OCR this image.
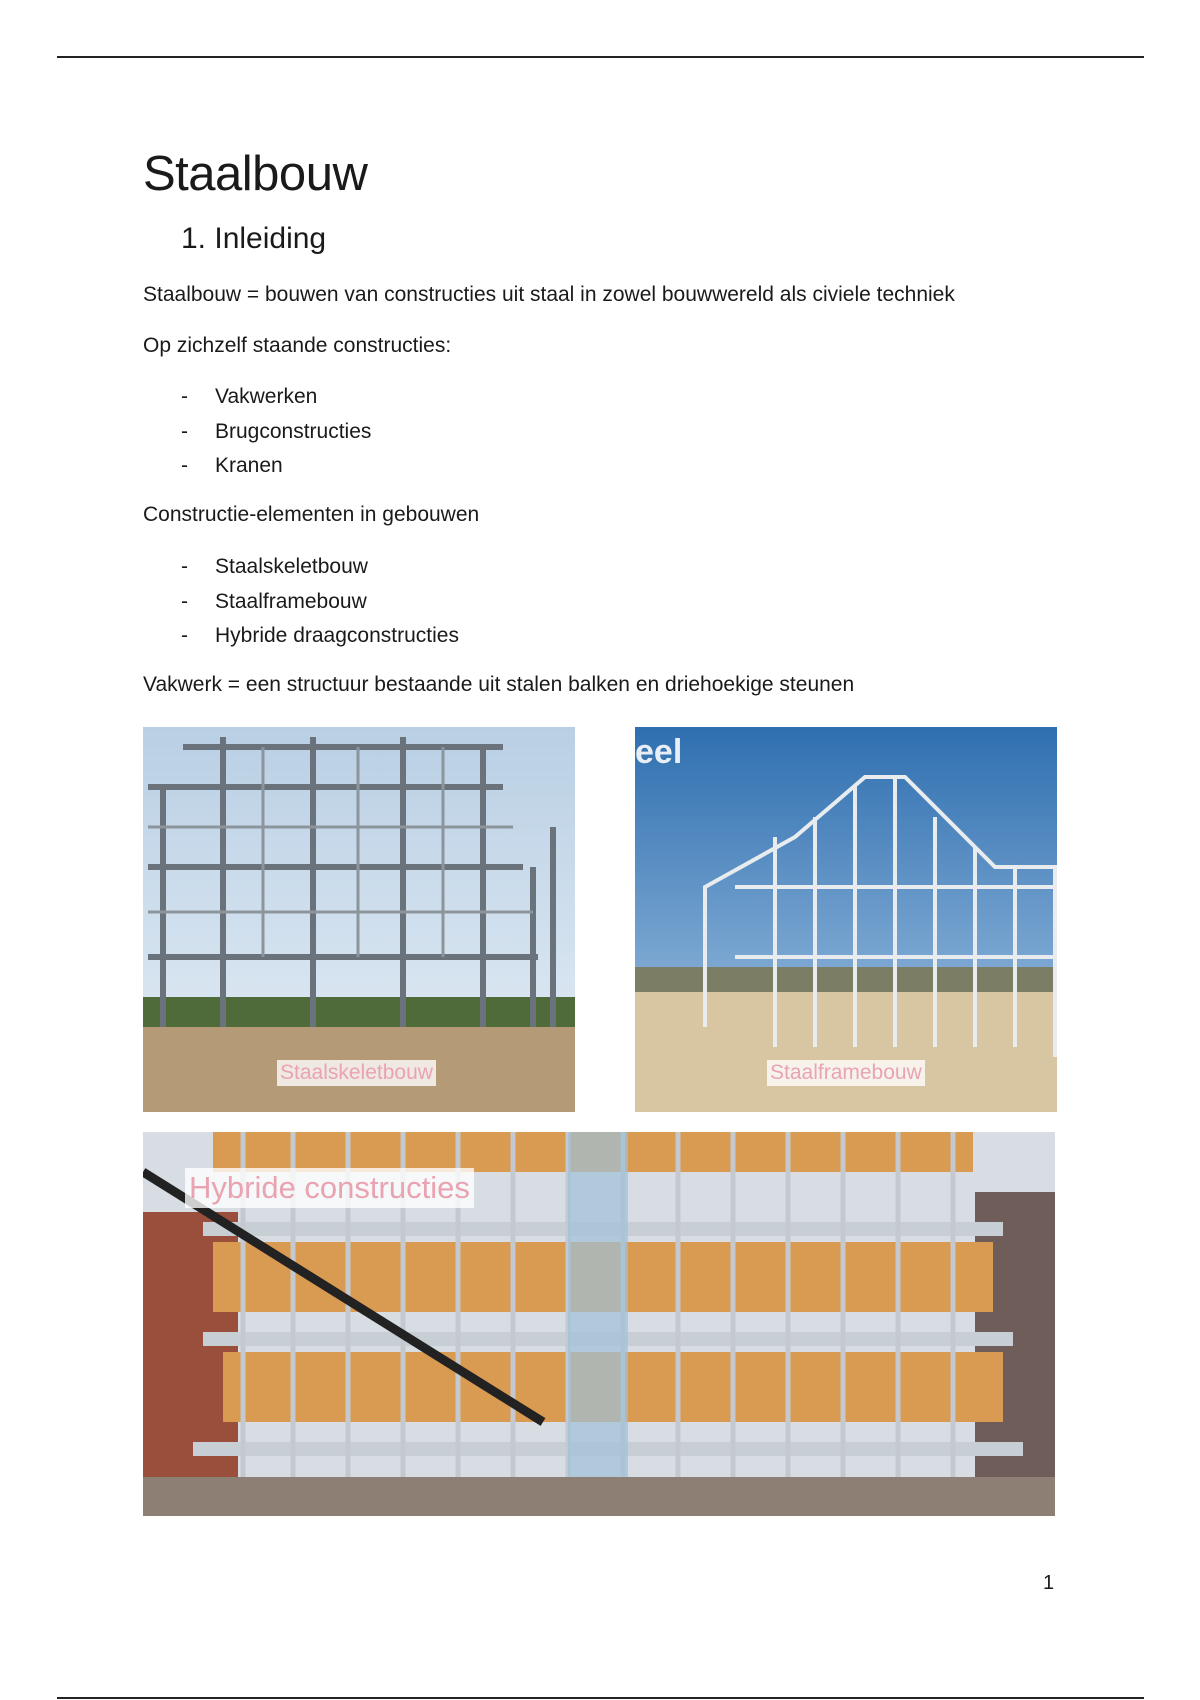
Staalbouw
1. Inleiding

Staalbouw = bouwen van constructies uit staal in zowel bouwwereld als civiele techniek

Op zichzelf staande constructies:

- Vakwerken
- Brugconstructies
- Kranen

Constructie-elementen in gebouwen

- Staalskeletbouw
- Staalframebouw
- Hybride draagconstructies

Vakwerk = een structuur bestaande uit stalen balken en driehoekige steunen

Staalskeletbouw
eel
Staalframebouw
Hybride constructies
1
